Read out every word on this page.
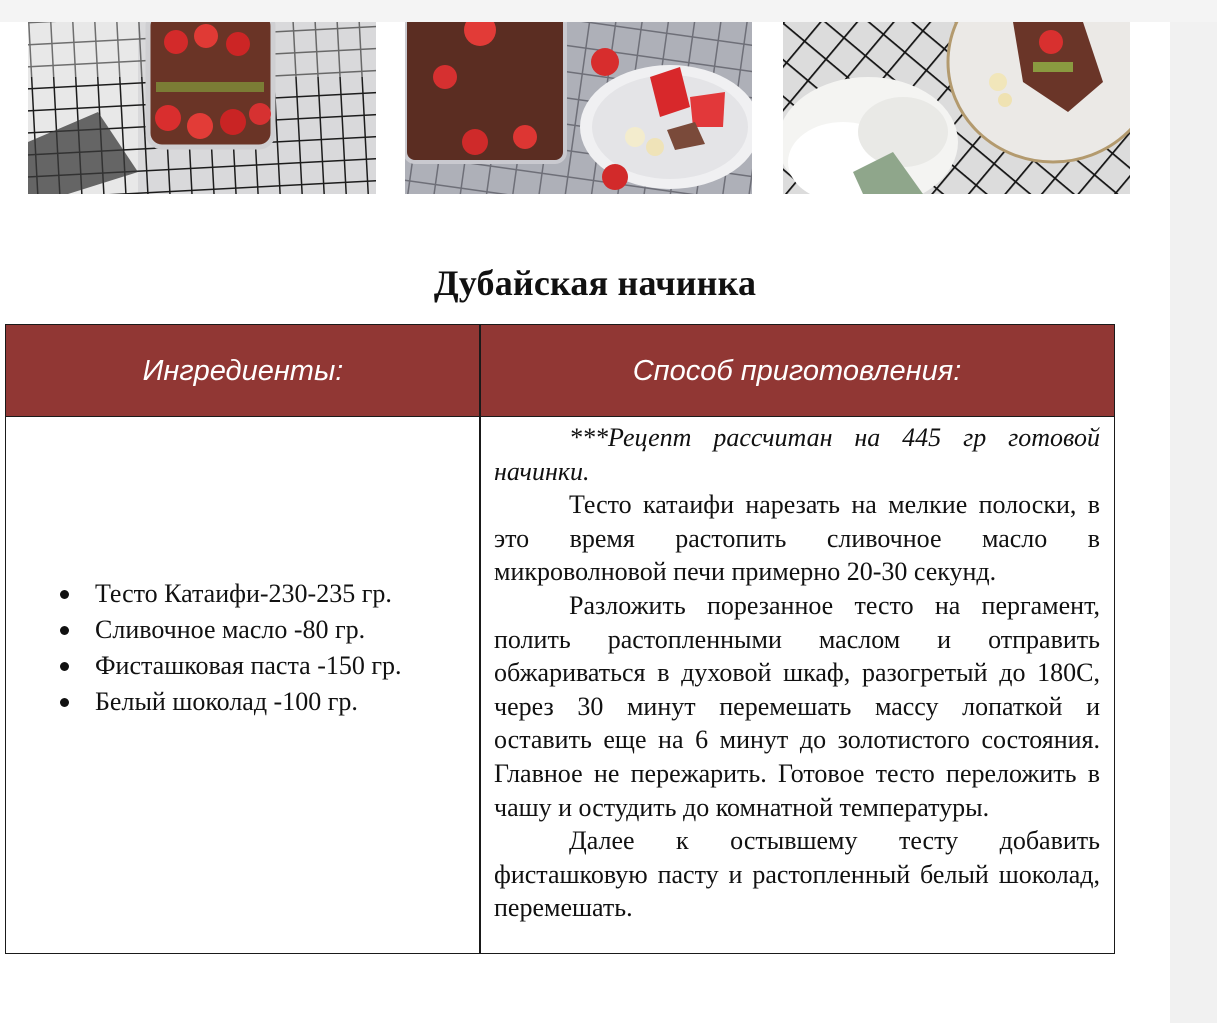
Дубайская начинка
Ингредиенты:	Способ приготовления:
Тесто Катаифи-230-235 гр.
Сливочное масло -80 гр.
Фисташковая паста -150 гр.
Белый шоколад -100 гр.

***Рецепт рассчитан на 445 гр готовой начинки.

Тесто катаифи нарезать на мелкие полоски, в это время растопить сливочное масло в микроволновой печи примерно 20-30 секунд.

Разложить порезанное тесто на пергамент, полить растопленными маслом и отправить обжариваться в духовой шкаф, разогретый до 180С, через 30 минут перемешать массу лопаткой и оставить еще на 6 минут до золотистого состояния. Главное не пережарить. Готовое тесто переложить в чашу и остудить до комнатной температуры.

Далее к остывшему тесту добавить фисташковую пасту и растопленный белый шоколад, перемешать.
